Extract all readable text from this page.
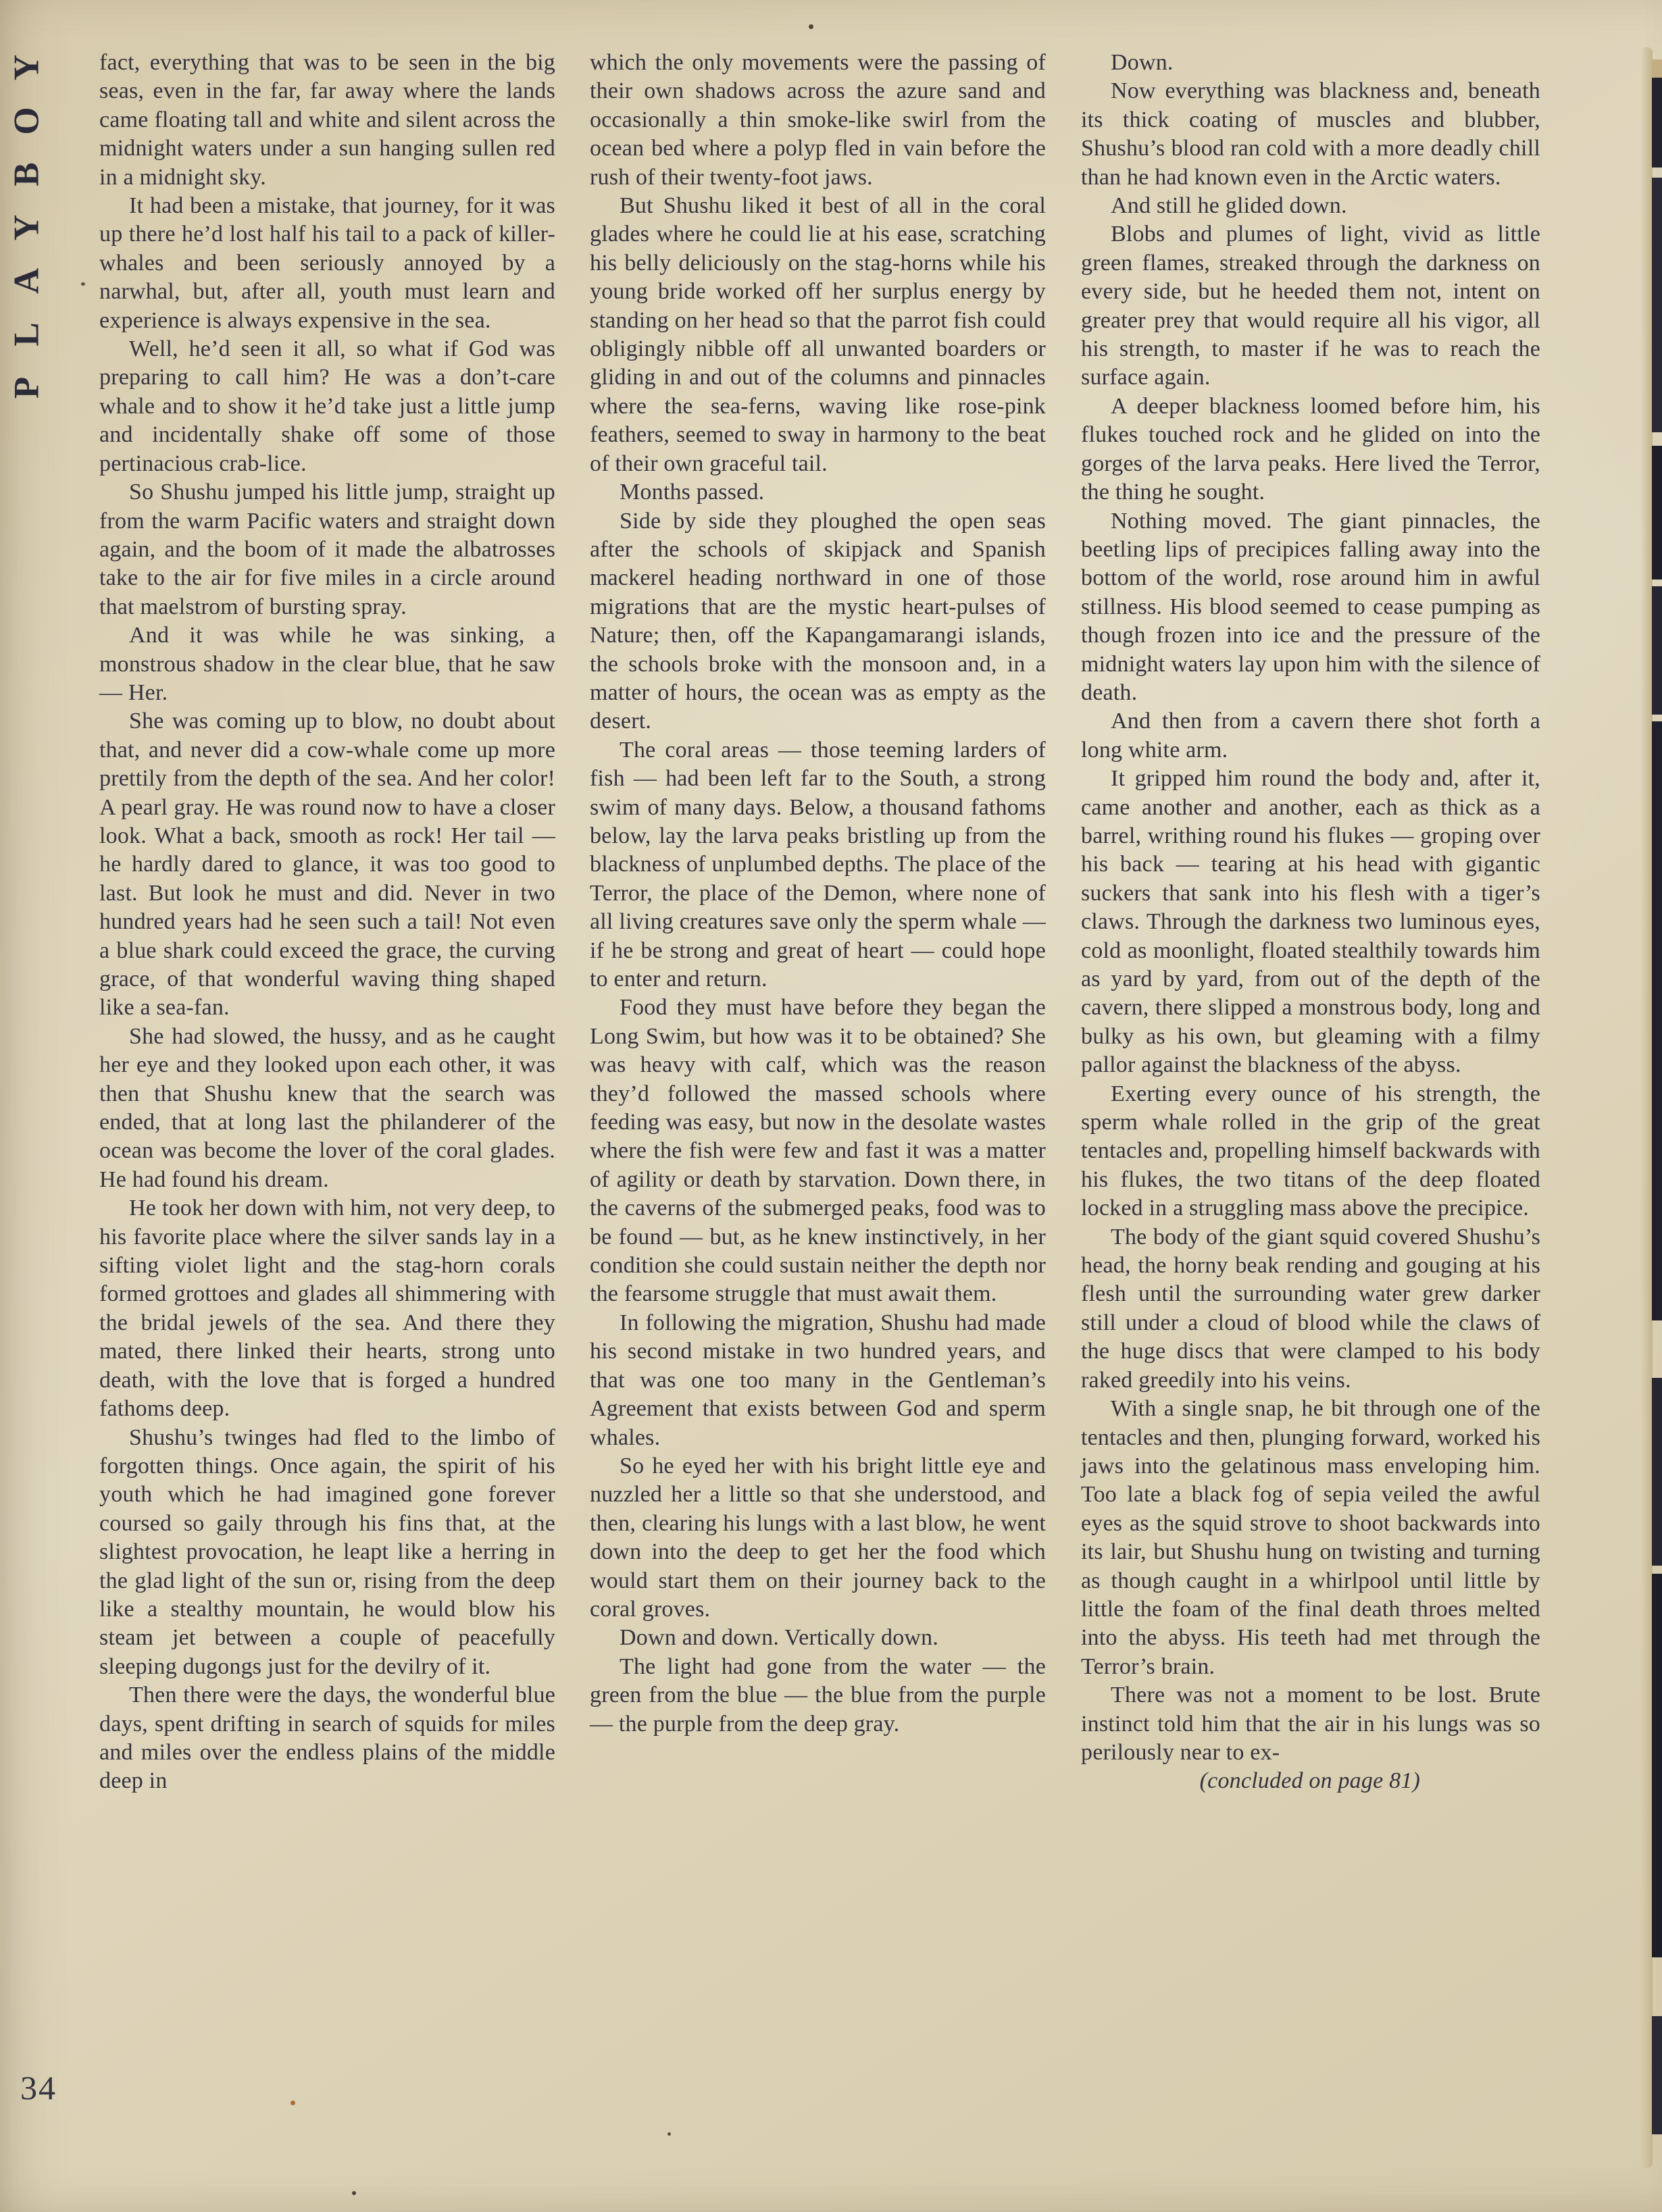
Y
O
B
Y
A
L
P

fact, everything that was to be seen in the big seas, even in the far, far away where the lands came floating tall and white and silent across the midnight waters under a sun hanging sullen red in a midnight sky.

It had been a mistake, that journey, for it was up there he’d lost half his tail to a pack of killer-whales and been seriously annoyed by a narwhal, but, after all, youth must learn and experience is always expensive in the sea.

Well, he’d seen it all, so what if God was preparing to call him? He was a don’t-care whale and to show it he’d take just a little jump and incidentally shake off some of those pertinacious crab-lice.

So Shushu jumped his little jump, straight up from the warm Pacific waters and straight down again, and the boom of it made the albatrosses take to the air for five miles in a circle around that maelstrom of bursting spray.

And it was while he was sinking, a monstrous shadow in the clear blue, that he saw — Her.

She was coming up to blow, no doubt about that, and never did a cow-whale come up more prettily from the depth of the sea. And her color! A pearl gray. He was round now to have a closer look. What a back, smooth as rock! Her tail — he hardly dared to glance, it was too good to last. But look he must and did. Never in two hundred years had he seen such a tail! Not even a blue shark could exceed the grace, the curving grace, of that wonderful waving thing shaped like a sea-fan.

She had slowed, the hussy, and as he caught her eye and they looked upon each other, it was then that Shushu knew that the search was ended, that at long last the philanderer of the ocean was become the lover of the coral glades. He had found his dream.

He took her down with him, not very deep, to his favorite place where the silver sands lay in a sifting violet light and the stag-horn corals formed grottoes and glades all shimmering with the bridal jewels of the sea. And there they mated, there linked their hearts, strong unto death, with the love that is forged a hundred fathoms deep.

Shushu’s twinges had fled to the limbo of forgotten things. Once again, the spirit of his youth which he had imagined gone forever coursed so gaily through his fins that, at the slightest provocation, he leapt like a herring in the glad light of the sun or, rising from the deep like a stealthy mountain, he would blow his steam jet between a couple of peacefully sleeping dugongs just for the devilry of it.

Then there were the days, the wonderful blue days, spent drifting in search of squids for miles and miles over the endless plains of the middle deep in

which the only movements were the passing of their own shadows across the azure sand and occasionally a thin smoke-like swirl from the ocean bed where a polyp fled in vain before the rush of their twenty-foot jaws.

But Shushu liked it best of all in the coral glades where he could lie at his ease, scratching his belly deliciously on the stag-horns while his young bride worked off her surplus energy by standing on her head so that the parrot fish could obligingly nibble off all unwanted boarders or gliding in and out of the columns and pinnacles where the sea-ferns, waving like rose-pink feathers, seemed to sway in harmony to the beat of their own graceful tail.

Months passed.

Side by side they ploughed the open seas after the schools of skipjack and Spanish mackerel heading northward in one of those migrations that are the mystic heart-pulses of Nature; then, off the Kapangamarangi islands, the schools broke with the monsoon and, in a matter of hours, the ocean was as empty as the desert.

The coral areas — those teeming larders of fish — had been left far to the South, a strong swim of many days. Below, a thousand fathoms below, lay the larva peaks bristling up from the blackness of unplumbed depths. The place of the Terror, the place of the Demon, where none of all living creatures save only the sperm whale — if he be strong and great of heart — could hope to enter and return.

Food they must have before they began the Long Swim, but how was it to be obtained? She was heavy with calf, which was the reason they’d followed the massed schools where feeding was easy, but now in the desolate wastes where the fish were few and fast it was a matter of agility or death by starvation. Down there, in the caverns of the submerged peaks, food was to be found — but, as he knew instinctively, in her condition she could sustain neither the depth nor the fearsome struggle that must await them.

In following the migration, Shushu had made his second mistake in two hundred years, and that was one too many in the Gentleman’s Agreement that exists between God and sperm whales.

So he eyed her with his bright little eye and nuzzled her a little so that she understood, and then, clearing his lungs with a last blow, he went down into the deep to get her the food which would start them on their journey back to the coral groves.

Down and down. Vertically down.

The light had gone from the water — the green from the blue — the blue from the purple — the purple from the deep gray.

Down.

Now everything was blackness and, beneath its thick coating of muscles and blubber, Shushu’s blood ran cold with a more deadly chill than he had known even in the Arctic waters.

And still he glided down.

Blobs and plumes of light, vivid as little green flames, streaked through the darkness on every side, but he heeded them not, intent on greater prey that would require all his vigor, all his strength, to master if he was to reach the surface again.

A deeper blackness loomed before him, his flukes touched rock and he glided on into the gorges of the larva peaks. Here lived the Terror, the thing he sought.

Nothing moved. The giant pinnacles, the beetling lips of precipices falling away into the bottom of the world, rose around him in awful stillness. His blood seemed to cease pumping as though frozen into ice and the pressure of the midnight waters lay upon him with the silence of death.

And then from a cavern there shot forth a long white arm.

It gripped him round the body and, after it, came another and another, each as thick as a barrel, writhing round his flukes — groping over his back — tearing at his head with gigantic suckers that sank into his flesh with a tiger’s claws. Through the darkness two luminous eyes, cold as moonlight, floated stealthily towards him as yard by yard, from out of the depth of the cavern, there slipped a monstrous body, long and bulky as his own, but gleaming with a filmy pallor against the blackness of the abyss.

Exerting every ounce of his strength, the sperm whale rolled in the grip of the great tentacles and, propelling himself backwards with his flukes, the two titans of the deep floated locked in a struggling mass above the precipice.

The body of the giant squid covered Shushu’s head, the horny beak rending and gouging at his flesh until the surrounding water grew darker still under a cloud of blood while the claws of the huge discs that were clamped to his body raked greedily into his veins.

With a single snap, he bit through one of the tentacles and then, plunging forward, worked his jaws into the gelatinous mass enveloping him. Too late a black fog of sepia veiled the awful eyes as the squid strove to shoot backwards into its lair, but Shushu hung on twisting and turning as though caught in a whirlpool until little by little the foam of the final death throes melted into the abyss. His teeth had met through the Terror’s brain.

There was not a moment to be lost. Brute instinct told him that the air in his lungs was so perilously near to ex-

(concluded on page 81)

34
